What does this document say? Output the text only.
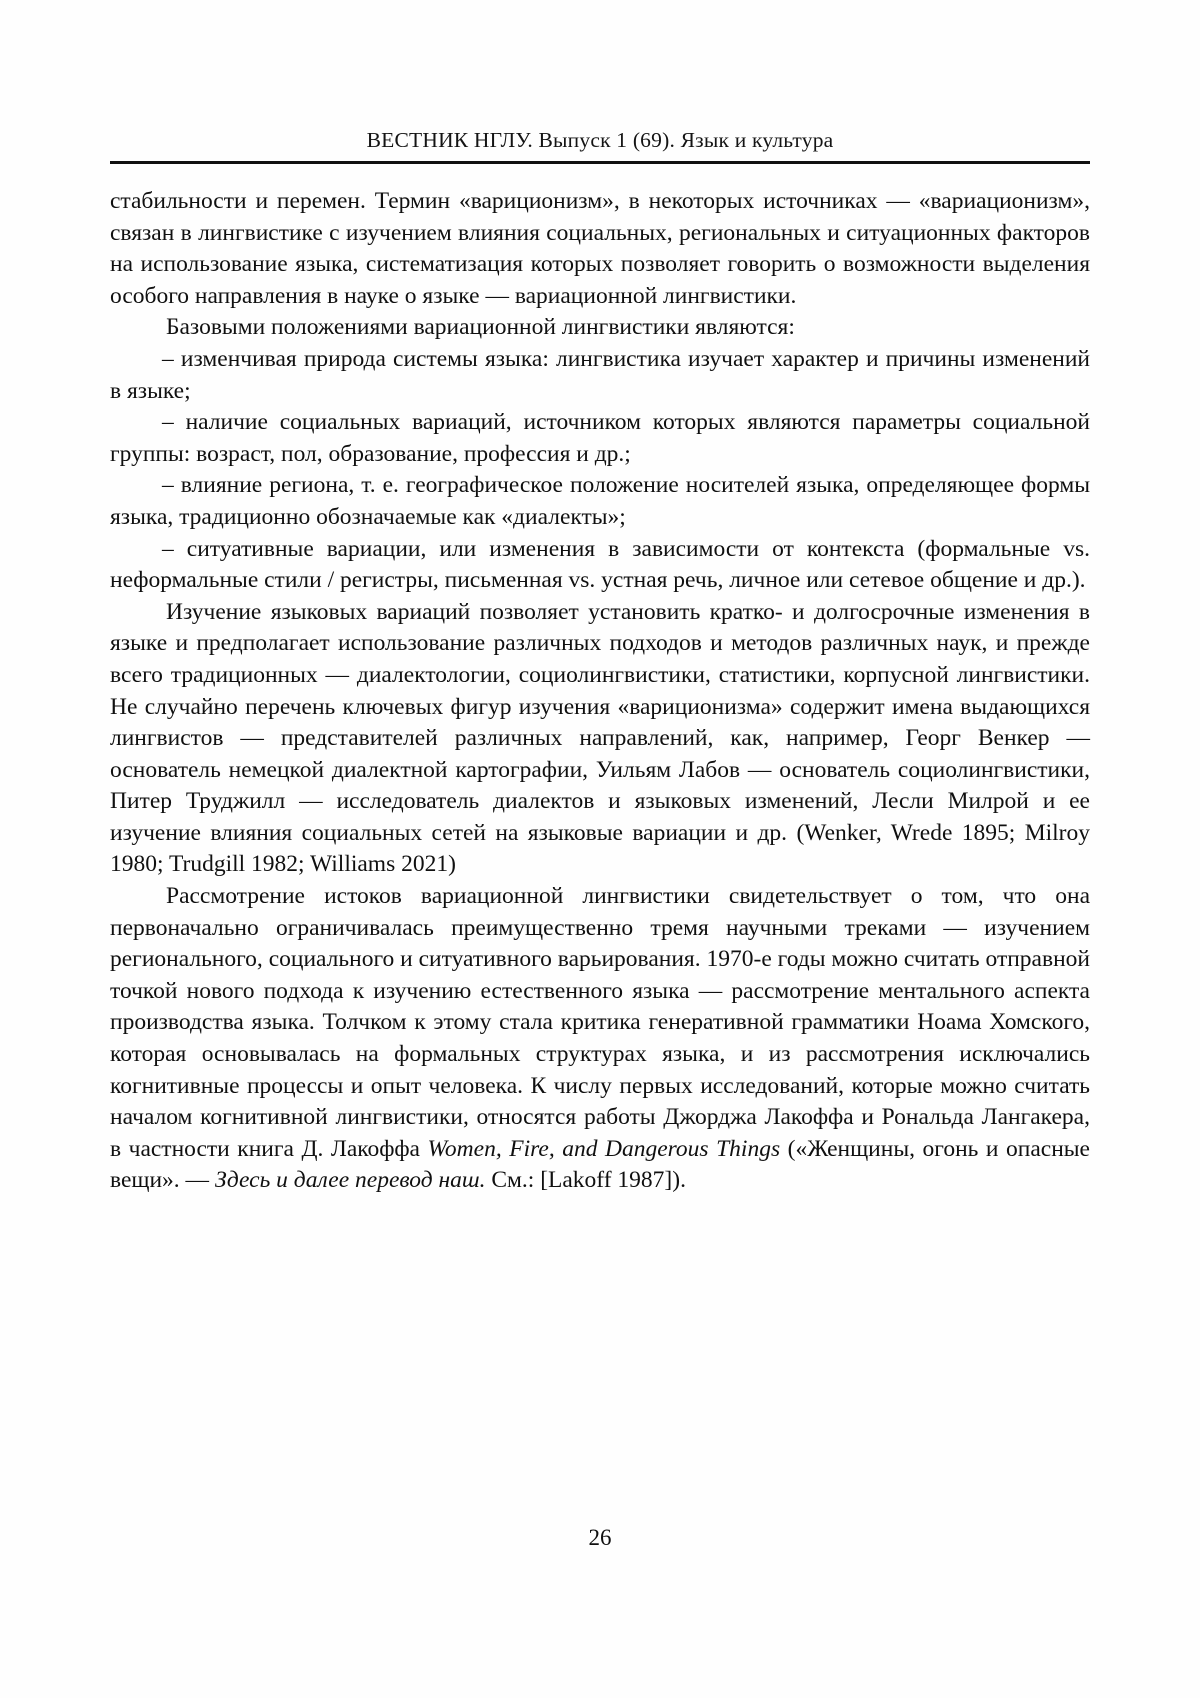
ВЕСТНИК НГЛУ. Выпуск 1 (69). Язык и культура

стабильности и перемен. Термин «вариционизм», в некоторых источниках — «вариационизм», связан в лингвистике с изучением влияния социальных, региональных и ситуационных факторов на использование языка, систематизация которых позволяет говорить о возможности выделения особого направления в науке о языке — вариационной лингвистики.

Базовыми положениями вариационной лингвистики являются:

– изменчивая природа системы языка: лингвистика изучает характер и причины изменений в языке;

– наличие социальных вариаций, источником которых являются параметры социальной группы: возраст, пол, образование, профессия и др.;

– влияние региона, т. е. географическое положение носителей языка, определяющее формы языка, традиционно обозначаемые как «диалекты»;

– ситуативные вариации, или изменения в зависимости от контекста (формальные vs. неформальные стили / регистры, письменная vs. устная речь, личное или сетевое общение и др.).

Изучение языковых вариаций позволяет установить кратко- и долгосрочные изменения в языке и предполагает использование различных подходов и методов различных наук, и прежде всего традиционных — диалектологии, социолингвистики, статистики, корпусной лингвистики. Не случайно перечень ключевых фигур изучения «вариционизма» содержит имена выдающихся лингвистов — представителей различных направлений, как, например, Георг Венкер — основатель немецкой диалектной картографии, Уильям Лабов — основатель социолингвистики, Питер Труджилл — исследователь диалектов и языковых изменений, Лесли Милрой и ее изучение влияния социальных сетей на языковые вариации и др. (Wenker, Wrede 1895; Milroy 1980; Trudgill 1982; Williams 2021)

Рассмотрение истоков вариационной лингвистики свидетельствует о том, что она первоначально ограничивалась преимущественно тремя научными треками — изучением регионального, социального и ситуативного варьирования. 1970-е годы можно считать отправной точкой нового подхода к изучению естественного языка — рассмотрение ментального аспекта производства языка. Толчком к этому стала критика генеративной грамматики Ноама Хомского, которая основывалась на формальных структурах языка, и из рассмотрения исключались когнитивные процессы и опыт человека. К числу первых исследований, которые можно считать началом когнитивной лингвистики, относятся работы Джорджа Лакоффа и Рональда Лангакера, в частности книга Д. Лакоффа Women, Fire, and Dangerous Things («Женщины, огонь и опасные вещи». — Здесь и далее перевод наш. См.: [Lakoff 1987]).

26
